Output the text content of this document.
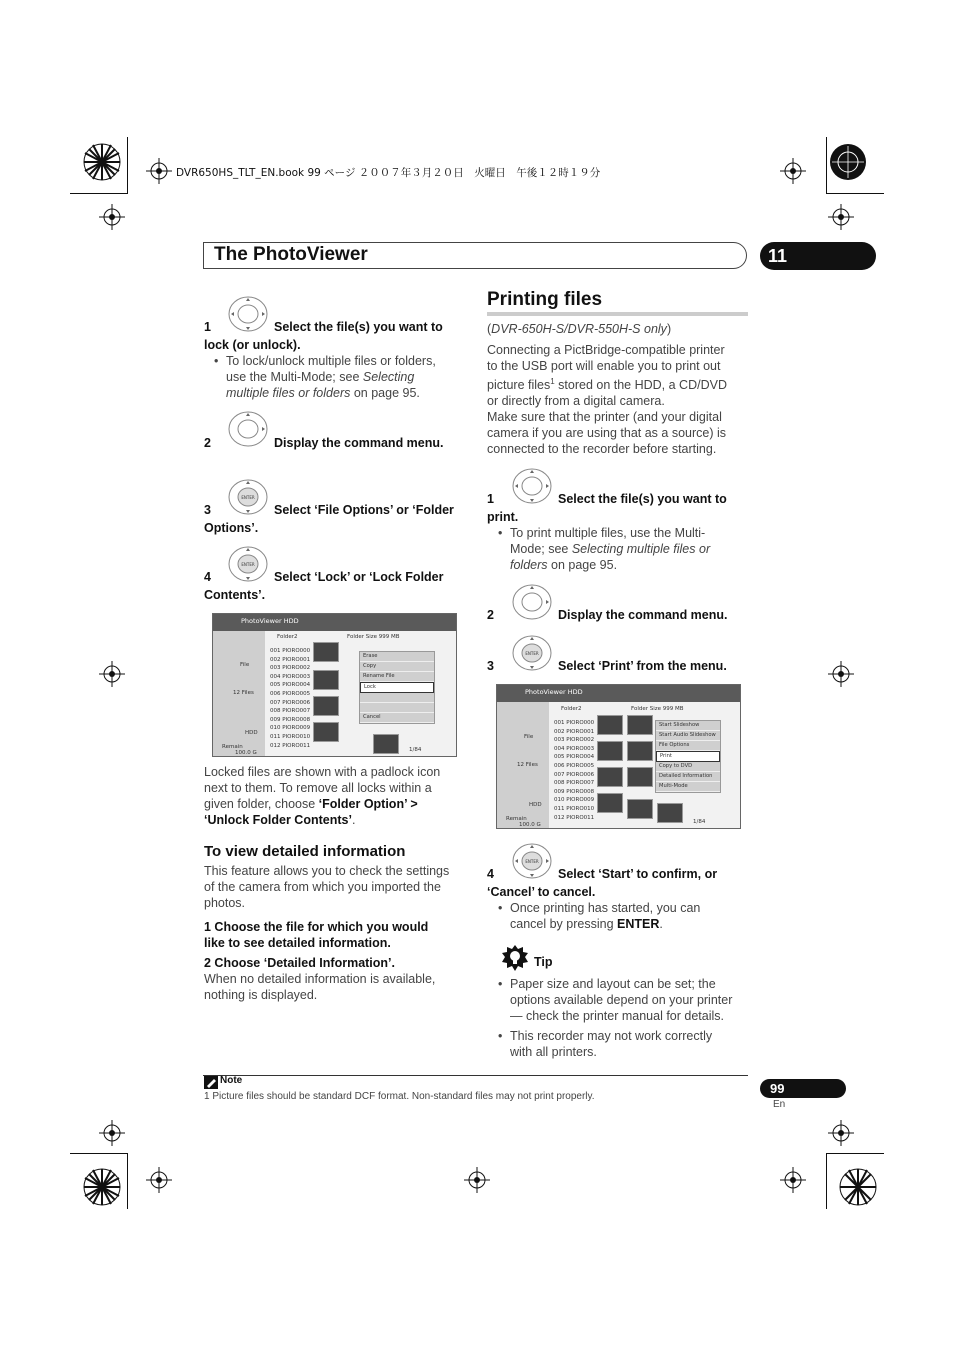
DVR650HS_TLT_EN.book 99 ページ ２００７年３月２０日　火曜日　午後１２時１９分
The PhotoViewer	11
1	Select the file(s) you want to
lock (or unlock).
• To lock/unlock multiple files or folders,
use the Multi-Mode; see Selecting
multiple files or folders on page 95.
2	Display the command menu.
ENTER
3	Select ‘File Options’ or ‘Folder
Options’.
ENTER
4	Select ‘Lock’ or ‘Lock Folder
Contents’.
PhotoViewer HDD
Folder2	Folder Size 999 MB
File
12 Files
HDD
Remain
100.0 G	1/84
001 PIORO000
002 PIORO001
003 PIORO002
004 PIORO003
005 PIORO004
006 PIORO005
007 PIORO006
008 PIORO007
009 PIORO008
010 PIORO009
011 PIORO010
012 PIORO011
Erase
Copy
Rename File
Lock
Cancel
Locked files are shown with a padlock icon
next to them. To remove all locks within a
given folder, choose ‘Folder Option’ >
‘Unlock Folder Contents’.
To view detailed information
This feature allows you to check the settings
of the camera from which you imported the
photos.
1 Choose the file for which you would
like to see detailed information.
2 Choose ‘Detailed Information’.
When no detailed information is available,
nothing is displayed.
Printing files
(DVR-650H-S/DVR-550H-S only)
Connecting a PictBridge-compatible printer
to the USB port will enable you to print out
picture files$^1$ stored on the HDD, a CD/DVD
or directly from a digital camera.
Make sure that the printer (and your digital
camera if you are using that as a source) is
connected to the recorder before starting.
1	Select the file(s) you want to
print.
• To print multiple files, use the Multi-
Mode; see Selecting multiple files or
folders on page 95.
2	Display the command menu.
ENTER
3	Select ‘Print’ from the menu.
PhotoViewer HDD
Folder2	Folder Size 999 MB
File
12 Files
HDD
Remain
100.0 G	1/84
001 PIORO000
002 PIORO001
003 PIORO002
004 PIORO003
005 PIORO004
006 PIORO005
007 PIORO006
008 PIORO007
009 PIORO008
010 PIORO009
011 PIORO010
012 PIORO011
Start Slideshow
Start Audio Slideshow
File Options
Print
Copy to DVD
Detailed Information
Multi-Mode
ENTER
4	Select ‘Start’ to confirm, or
‘Cancel’ to cancel.
• Once printing has started, you can
cancel by pressing ENTER.
Tip
• Paper size and layout can be set; the
options available depend on your printer
— check the printer manual for details.
• This recorder may not work correctly
with all printers.
Note
1 Picture files should be standard DCF format. Non-standard files may not print properly.
99
En
